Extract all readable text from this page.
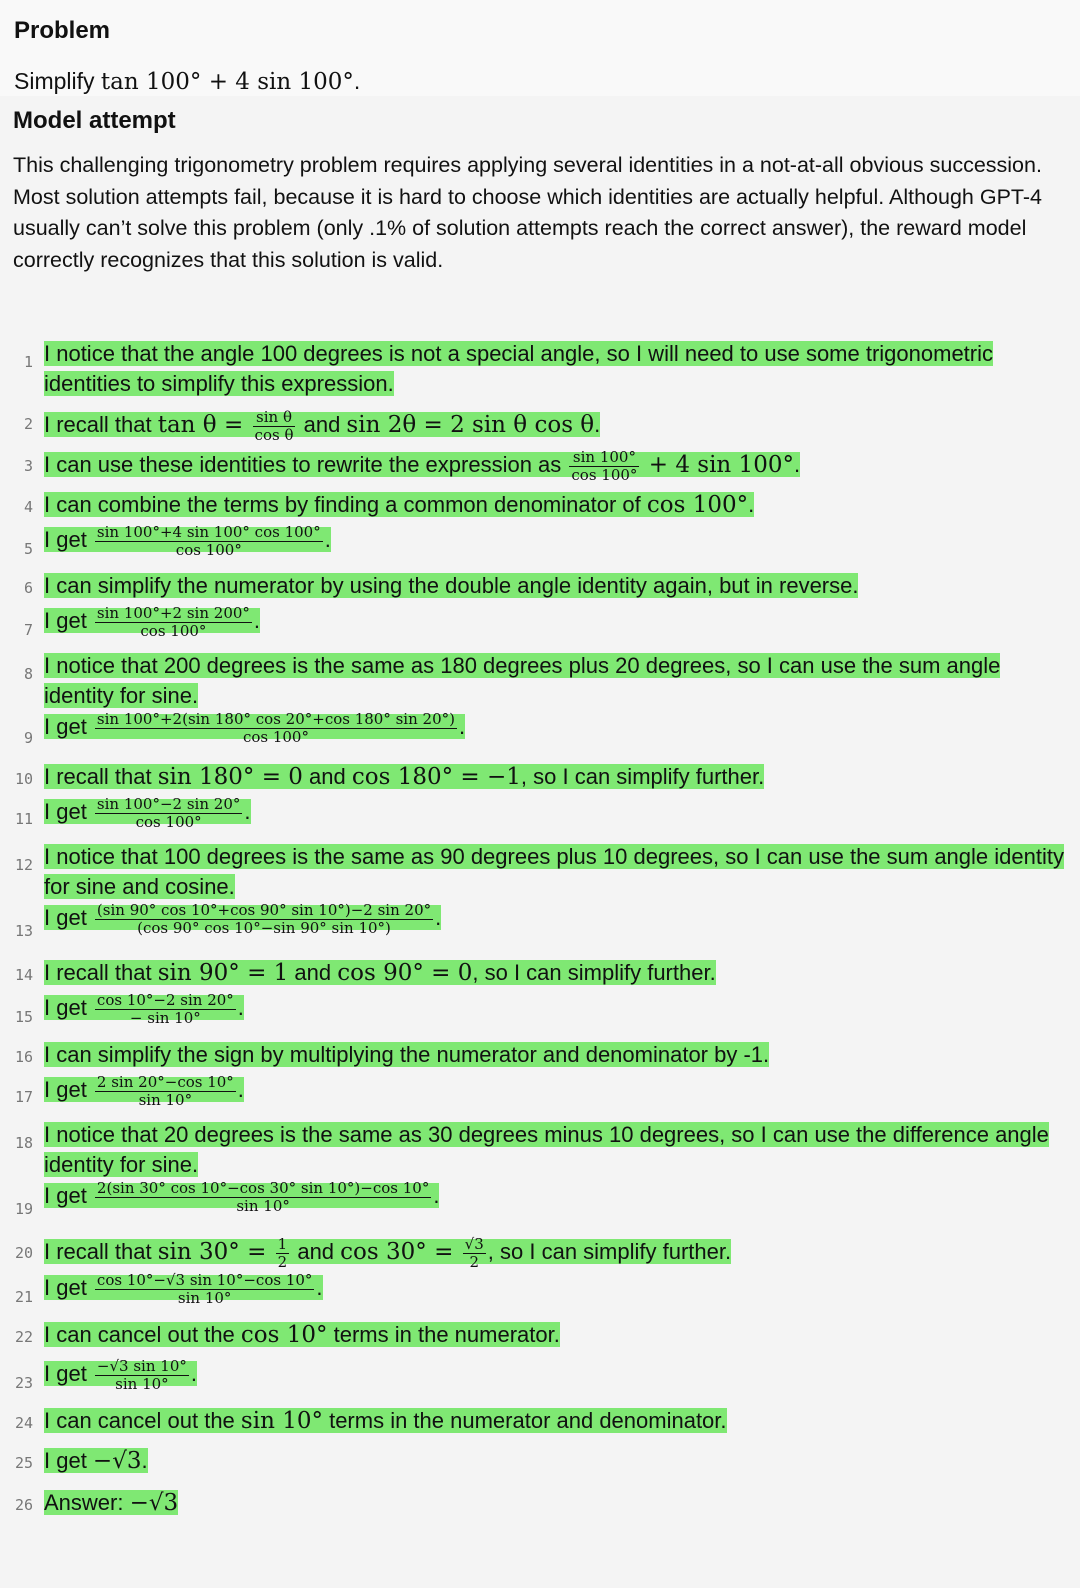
Problem
Simplify tan 100° + 4 sin 100°.
Model attempt
This challenging trigonometry problem requires applying several identities in a not-at-all obvious succession. Most solution attempts fail, because it is hard to choose which identities are actually helpful. Although GPT-4 usually can’t solve this problem (only .1% of solution attempts reach the correct answer), the reward model correctly recognizes that this solution is valid.
1 I notice that the angle 100 degrees is not a special angle, so I will need to use some trigonometric identities to simplify this expression.
2 I recall that $\tan \theta = \frac{\text{sin θ}}{\text{cos θ}}$ and sin 2θ = 2 sin θ cos θ.
3 I can use these identities to rewrite the expression as $\frac{\sin 100^\circ}{\cos 100^\circ} + 4$ sin 100°.
4 I can combine the terms by finding a common denominator of cos 100°.
5 I get $\frac{\sin 100^\circ+4 \sin 100^\circ \cos 100^\circ}{\cos 100^\circ}$ .
6 I can simplify the numerator by using the double angle identity again, but in reverse.
7 I get $\frac{\sin 100^\circ+2 \sin 200^\circ}{\cos 100^\circ}$ .
8 I notice that 200 degrees is the same as 180 degrees plus 20 degrees, so I can use the sum angle identity for sine.
9 I get $\frac{\sin 100^\circ+2(\sin 180^\circ \cos 20^\circ+\cos 180^\circ \sin 20^\circ)}{\cos 100^\circ}$ .
10 I recall that sin 180° = 0 and cos 180° = −1, so I can simplify further.
11 I get $\frac{\sin 100^\circ-2 \sin 20^\circ}{\cos 100^\circ}$ .
12 I notice that 100 degrees is the same as 90 degrees plus 10 degrees, so I can use the sum angle identity for sine and cosine.
13
I get $\frac{(\sin 90^\circ \cos 10^\circ+\cos 90^\circ \sin 10^\circ)-2 \sin 20^\circ}{(\cos 90^\circ \cos 10^\circ-\sin 90^\circ \sin 10^\circ)}$ .
14 I recall that sin 90° = 1 and cos 90° = 0, so I can simplify further.
15 I get $\frac{\cos 10^\circ-2 \sin 20^\circ}{- \sin 10^\circ}$ .
16 I can simplify the sign by multiplying the numerator and denominator by -1.
17 I get $\frac{2 \sin 20^\circ-\cos 10^\circ}{\sin 10^\circ}$ .
18 I notice that 20 degrees is the same as 30 degrees minus 10 degrees, so I can use the difference angle identity for sine.
19
I get $\frac{2(\sin 30^\circ \cos 10^\circ-\cos 30^\circ \sin 10^\circ)-\cos 10^\circ}{\sin 10^\circ}$ .
20 I recall that $\sin 30^\circ = \frac{1}{2}$ and $\cos 30^\circ = \frac{√3}{2}$ , so I can simplify further.
21 I get $\frac{\cos 10^\circ-√3 \sin 10^\circ-\cos 10^\circ}{\sin 10^\circ}$ .
22 I can cancel out the cos 10° terms in the numerator.
23 I get $\frac{-√3 \sin 10^\circ}{\sin 10^\circ}$ .
24 I can cancel out the sin 10° terms in the numerator and denominator.
25 I get −√3.
26 Answer: −√3
